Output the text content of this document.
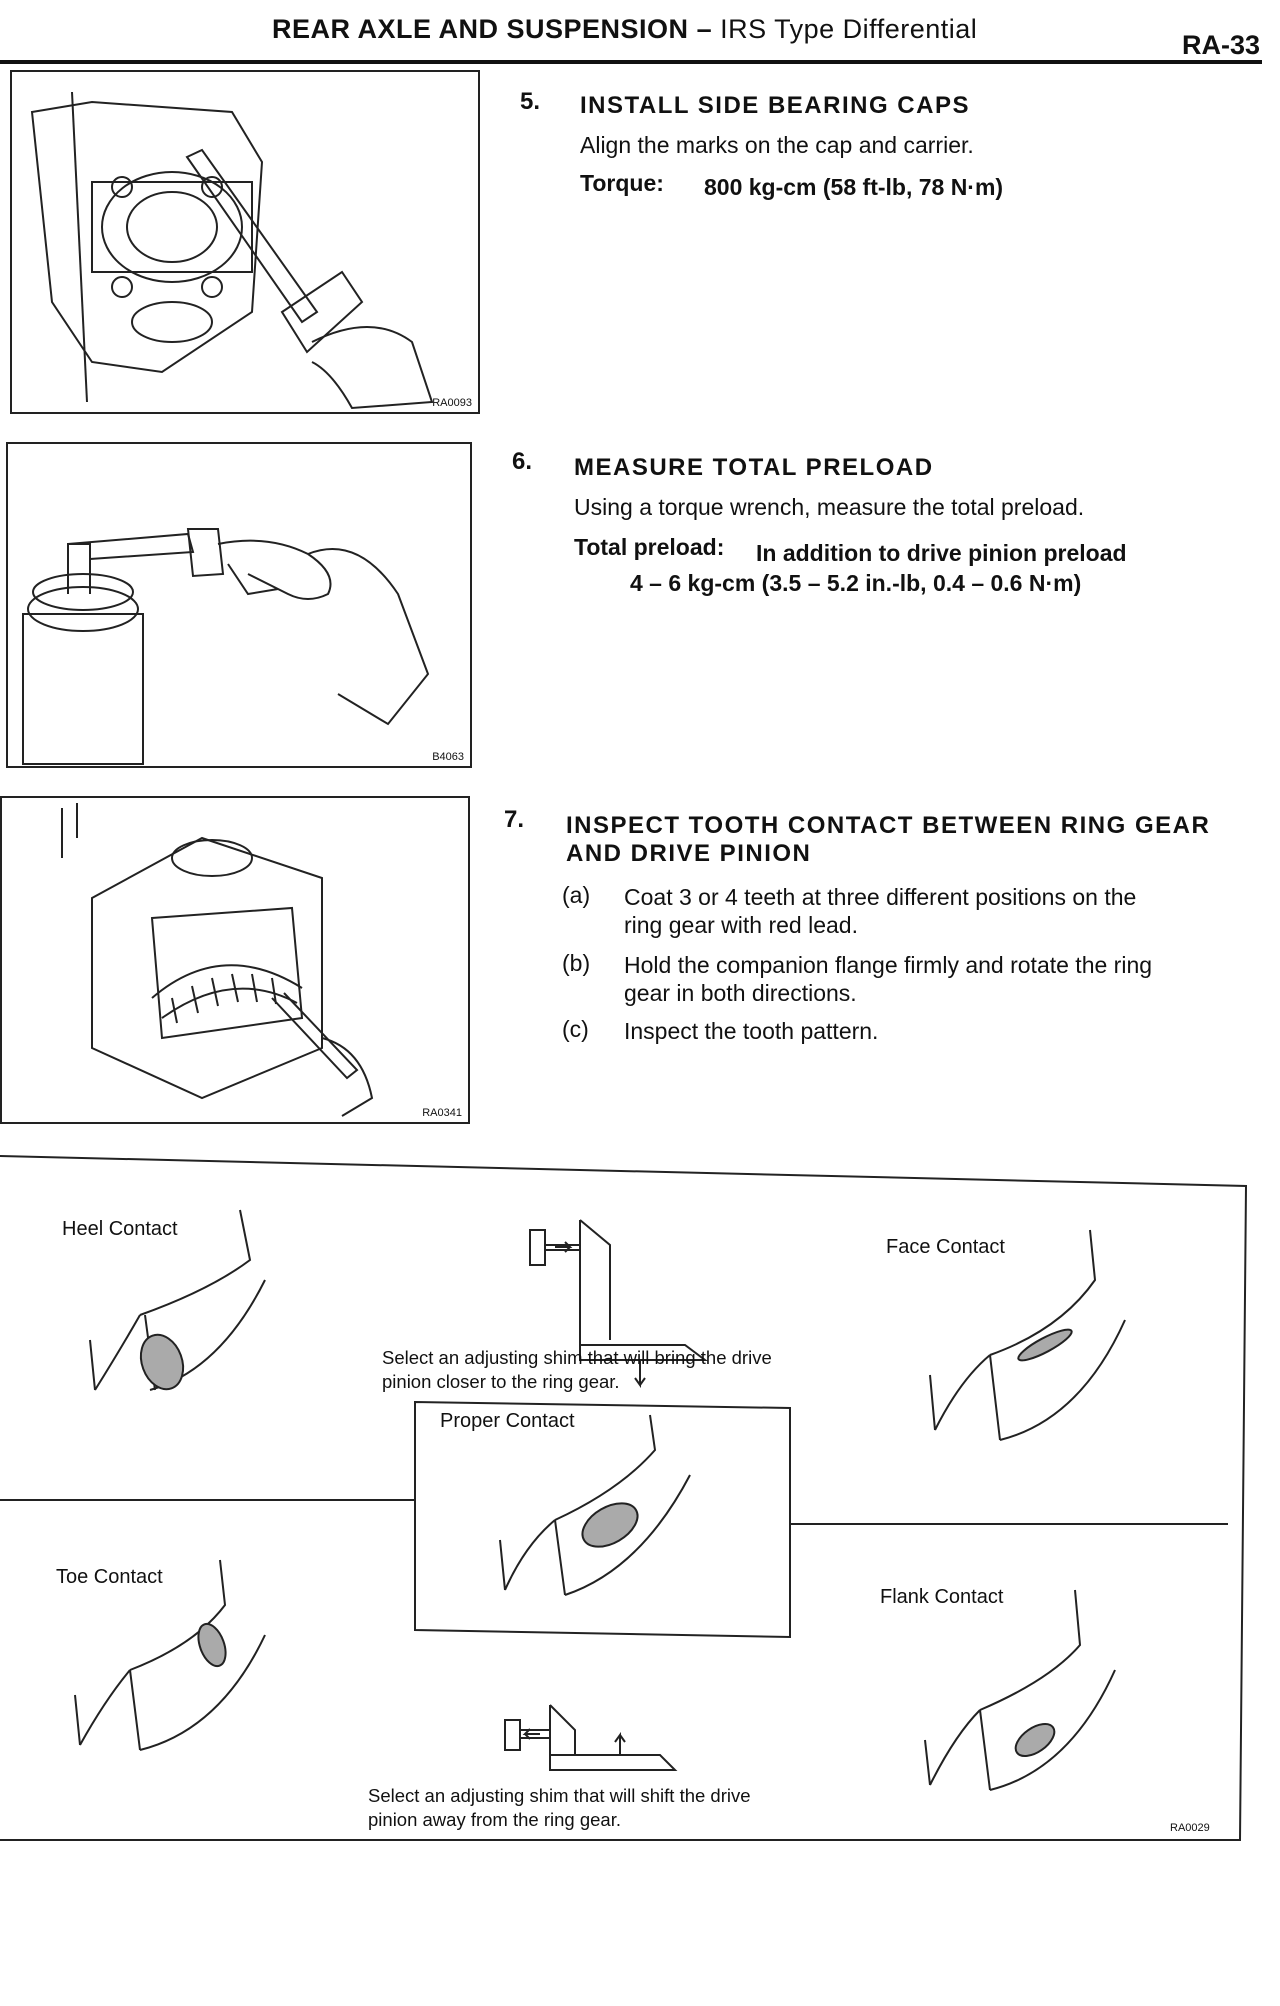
REAR AXLE AND SUSPENSION – IRS Type Differential
RA-33
RA0093
5. INSTALL SIDE BEARING CAPS
Align the marks on the cap and carrier.
Torque: 800 kg-cm (58 ft-lb, 78 N·m)
B4063
6. MEASURE TOTAL PRELOAD
Using a torque wrench, measure the total preload.
Total preload: In addition to drive pinion preload
4 – 6 kg-cm (3.5 – 5.2 in.-lb, 0.4 – 0.6 N·m)
RA0341
7. INSPECT TOOTH CONTACT BETWEEN RING GEAR
AND DRIVE PINION
(a) Coat 3 or 4 teeth at three different positions on the
ring gear with red lead.
(b) Hold the companion flange firmly and rotate the ring
gear in both directions.
(c) Inspect the tooth pattern.
Heel Contact
Face Contact
Proper Contact
Toe Contact
Flank Contact
Select an adjusting shim that will bring the drive
pinion closer to the ring gear.
Select an adjusting shim that will shift the drive
pinion away from the ring gear.	RA0029
